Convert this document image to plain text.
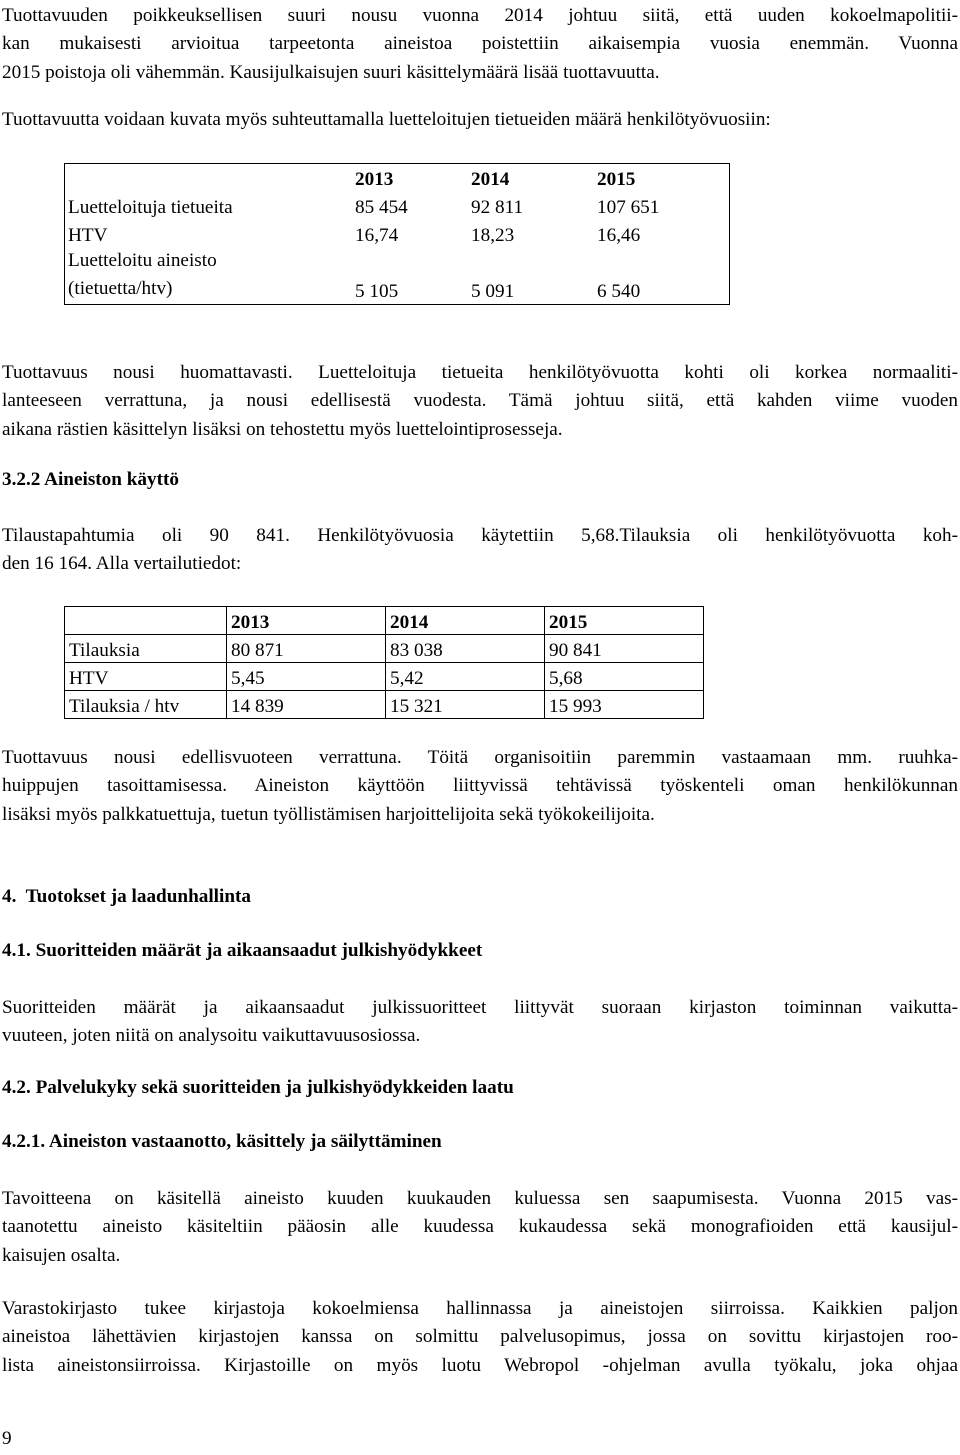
Tuottavuuden poikkeuksellisen suuri nousu vuonna 2014 johtuu siitä, että uuden kokoelmapolitii-
kan mukaisesti arvioitua tarpeetonta aineistoa poistettiin aikaisempia vuosia enemmän. Vuonna
2015 poistoja oli vähemmän. Kausijulkaisujen suuri käsittelymäärä lisää tuottavuutta.

Tuottavuutta voidaan kuvata myös suhteuttamalla luetteloitujen tietueiden määrä henkilötyövuosiin:

	2013	2014	2015
Luetteloituja tietueita	85 454	92 811	107 651
HTV	16,74	18,23	16,46

Luetteloitu aineisto
(tietuetta/htv)	5 105	5 091	6 540

Tuottavuus nousi huomattavasti. Luetteloituja tietueita henkilötyövuotta kohti oli korkea normaaliti-
lanteeseen verrattuna, ja nousi edellisestä vuodesta. Tämä johtuu siitä, että kahden viime vuoden
aikana rästien käsittelyn lisäksi on tehostettu myös luettelointiprosesseja.

3.2.2 Aineiston käyttö

Tilaustapahtumia oli 90 841. Henkilötyövuosia käytettiin 5,68.Tilauksia oli henkilötyövuotta koh-
den 16 164. Alla vertailutiedot:

	2013	2014	2015
Tilauksia	80 871	83 038	90 841
HTV	5,45	5,42	5,68
Tilauksia / htv	14 839	15 321	15 993

Tuottavuus nousi edellisvuoteen verrattuna. Töitä organisoitiin paremmin vastaamaan mm. ruuhka-
huippujen tasoittamisessa. Aineiston käyttöön liittyvissä tehtävissä työskenteli oman henkilökunnan
lisäksi myös palkkatuettuja, tuetun työllistämisen harjoittelijoita sekä työkokeilijoita.

4.  Tuotokset ja laadunhallinta

4.1. Suoritteiden määrät ja aikaansaadut julkishyödykkeet

Suoritteiden määrät ja aikaansaadut julkissuoritteet liittyvät suoraan kirjaston toiminnan vaikutta-
vuuteen, joten niitä on analysoitu vaikuttavuusosiossa.

4.2. Palvelukyky sekä suoritteiden ja julkishyödykkeiden laatu

4.2.1. Aineiston vastaanotto, käsittely ja säilyttäminen

Tavoitteena on käsitellä aineisto kuuden kuukauden kuluessa sen saapumisesta. Vuonna 2015 vas-
taanotettu aineisto käsiteltiin pääosin alle kuudessa kukaudessa sekä monografioiden että kausijul-
kaisujen osalta.

Varastokirjasto tukee kirjastoja kokoelmiensa hallinnassa ja aineistojen siirroissa. Kaikkien paljon
aineistoa lähettävien kirjastojen kanssa on solmittu palvelusopimus, jossa on sovittu kirjastojen roo-
lista aineistonsiirroissa. Kirjastoille on myös luotu Webropol -ohjelman avulla työkalu, joka ohjaa

9
